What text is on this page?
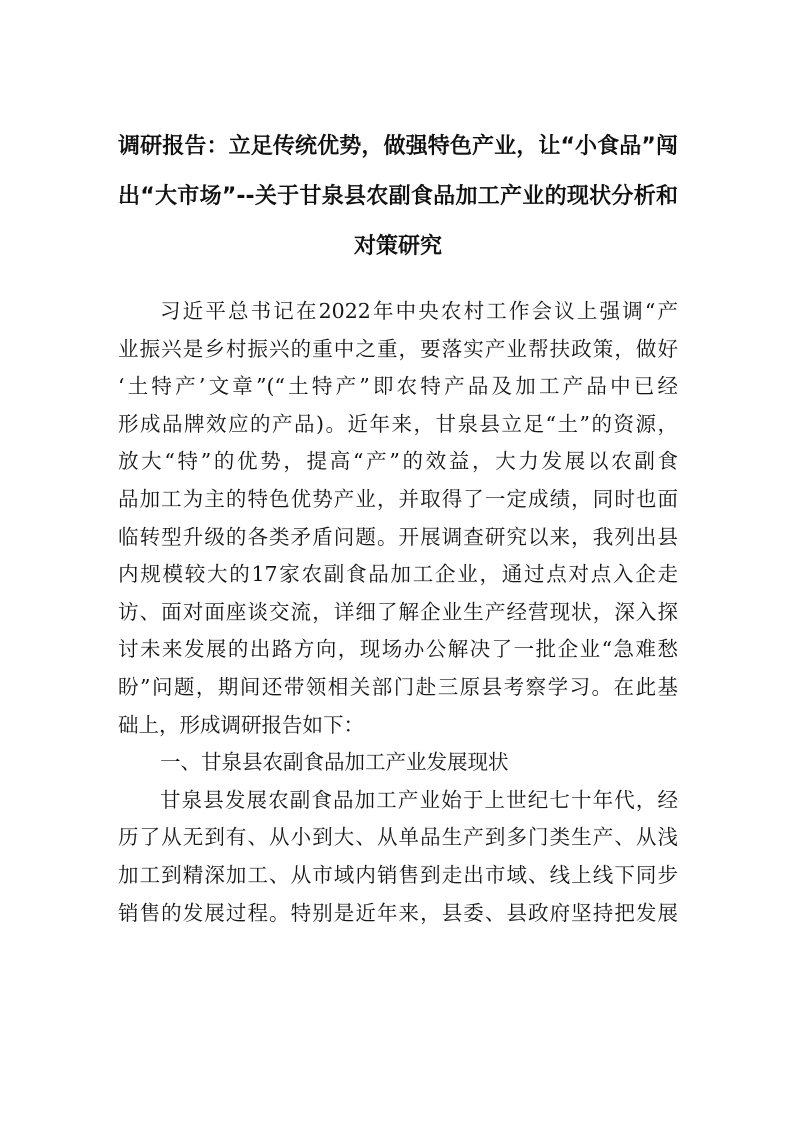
调研报告：立足传统优势，做强特色产业，让“小食品”闯
出“大市场”--关于甘泉县农副食品加工产业的现状分析和
对策研究
习近平总书记在2022年中央农村工作会议上强调“产
业振兴是乡村振兴的重中之重，要落实产业帮扶政策，做好
‘土特产’文章”(“土特产”即农特产品及加工产品中已经
形成品牌效应的产品)。近年来，甘泉县立足“土”的资源，
放大“特”的优势，提高“产”的效益，大力发展以农副食
品加工为主的特色优势产业，并取得了一定成绩，同时也面
临转型升级的各类矛盾问题。开展调查研究以来，我列出县
内规模较大的17家农副食品加工企业，通过点对点入企走
访、面对面座谈交流，详细了解企业生产经营现状，深入探
讨未来发展的出路方向，现场办公解决了一批企业“急难愁
盼”问题，期间还带领相关部门赴三原县考察学习。在此基
础上，形成调研报告如下：
一、甘泉县农副食品加工产业发展现状
甘泉县发展农副食品加工产业始于上世纪七十年代，经
历了从无到有、从小到大、从单品生产到多门类生产、从浅
加工到精深加工、从市域内销售到走出市域、线上线下同步
销售的发展过程。特别是近年来，县委、县政府坚持把发展
